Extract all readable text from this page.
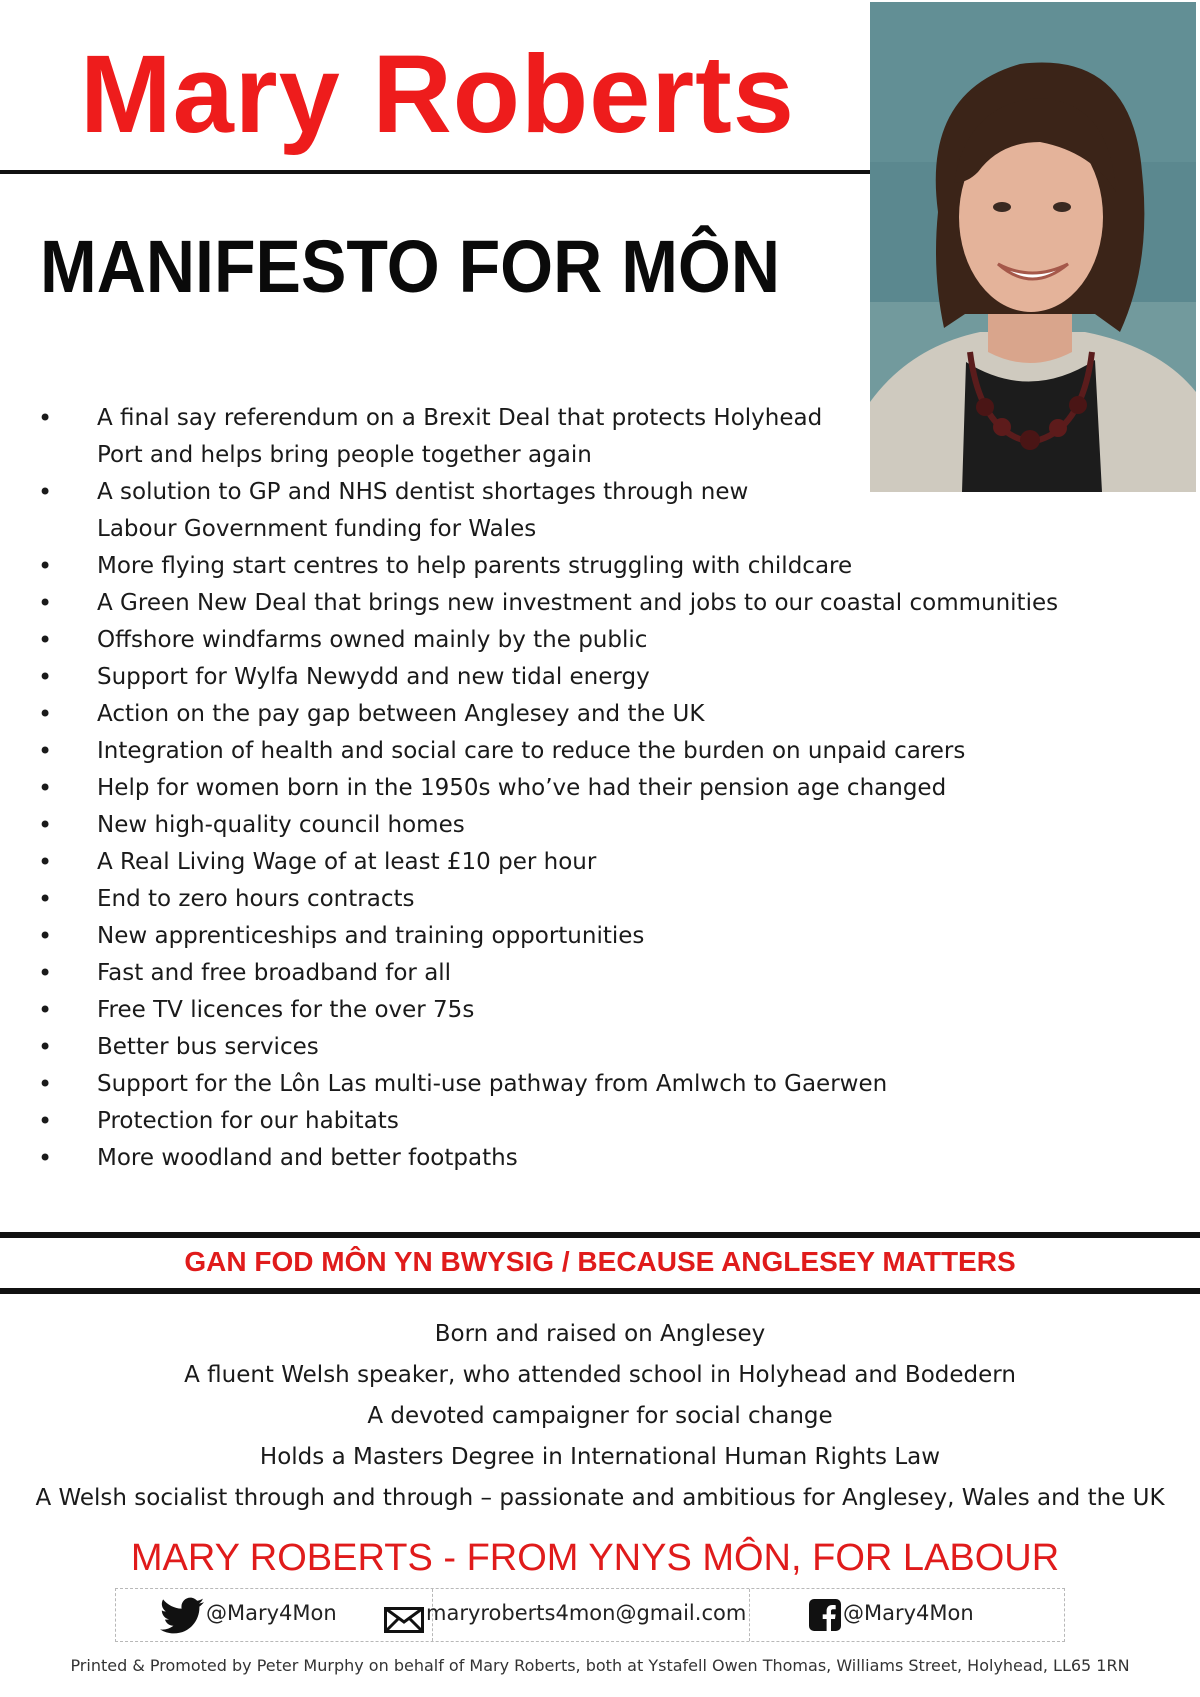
Mary Roberts
MANIFESTO FOR MÔN
• A final say referendum on a Brexit Deal that protects Holyhead
Port and helps bring people together again
• A solution to GP and NHS dentist shortages through new
Labour Government funding for Wales
• More flying start centres to help parents struggling with childcare
• A Green New Deal that brings new investment and jobs to our coastal communities
• Offshore windfarms owned mainly by the public
• Support for Wylfa Newydd and new tidal energy
• Action on the pay gap between Anglesey and the UK
• Integration of health and social care to reduce the burden on unpaid carers
• Help for women born in the 1950s who’ve had their pension age changed
• New high-quality council homes
• A Real Living Wage of at least £10 per hour
• End to zero hours contracts
• New apprenticeships and training opportunities
• Fast and free broadband for all
• Free TV licences for the over 75s
• Better bus services
• Support for the Lôn Las multi-use pathway from Amlwch to Gaerwen
• Protection for our habitats
• More woodland and better footpaths
GAN FOD MÔN YN BWYSIG / BECAUSE ANGLESEY MATTERS
Born and raised on Anglesey
A fluent Welsh speaker, who attended school in Holyhead and Bodedern
A devoted campaigner for social change
Holds a Masters Degree in International Human Rights Law
A Welsh socialist through and through – passionate and ambitious for Anglesey, Wales and the UK
MARY ROBERTS - FROM YNYS MÔN, FOR LABOUR
@Mary4Mon	maryroberts4mon@gmail.com	@Mary4Mon
Printed & Promoted by Peter Murphy on behalf of Mary Roberts, both at Ystafell Owen Thomas, Williams Street, Holyhead, LL65 1RN
